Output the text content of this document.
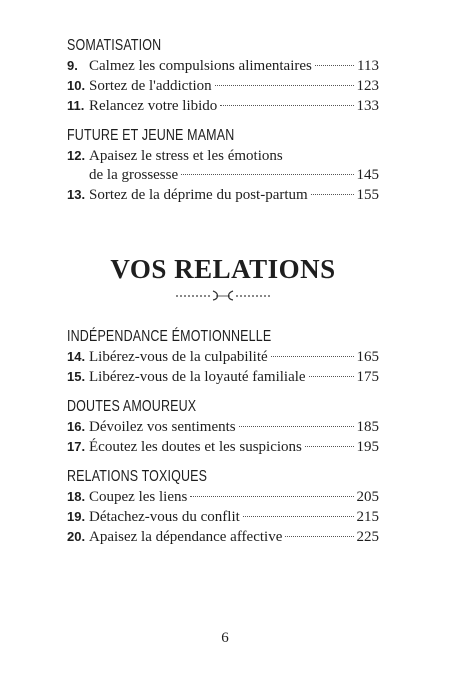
SOMATISATION
9. Calmez les compulsions alimentaires	113
10. Sortez de l'addiction	123
11. Relancez votre libido	133
FUTURE ET JEUNE MAMAN
12. Apaisez le stress et les émotions
de la grossesse	145
13. Sortez de la déprime du post-partum	155
VOS RELATIONS
INDÉPENDANCE ÉMOTIONNELLE
14. Libérez-vous de la culpabilité	165
15. Libérez-vous de la loyauté familiale	175
DOUTES AMOUREUX
16. Dévoilez vos sentiments	185
17. Écoutez les doutes et les suspicions	195
RELATIONS TOXIQUES
18. Coupez les liens	205
19. Détachez-vous du conflit	215
20. Apaisez la dépendance affective	225
6
